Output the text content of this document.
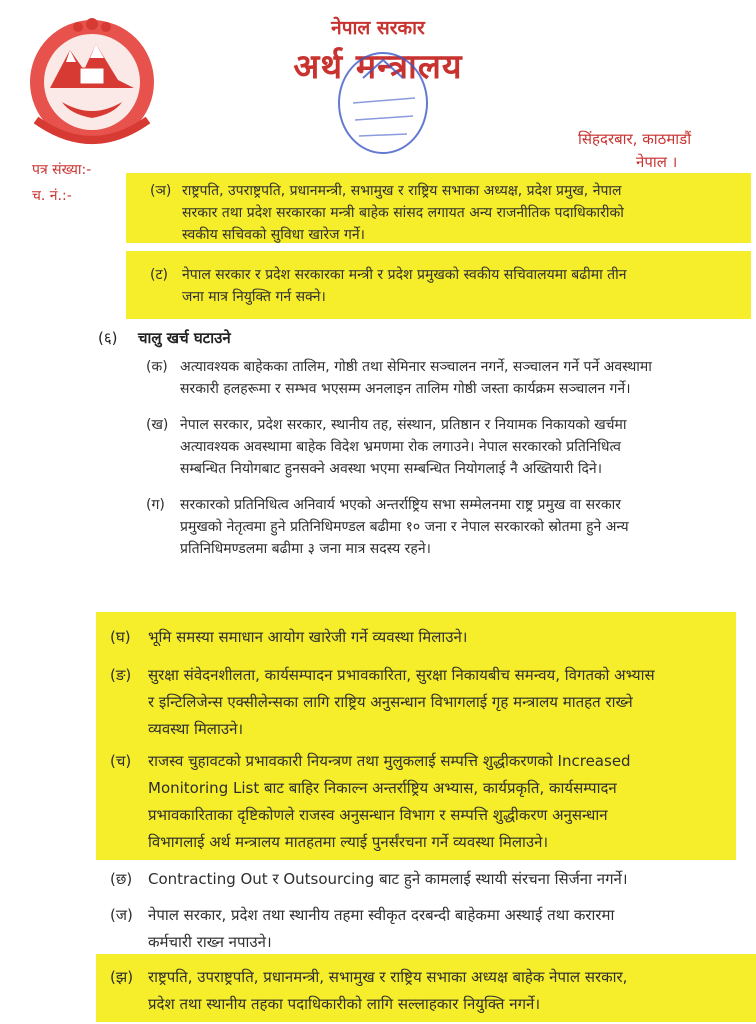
नेपाल सरकार
अर्थ मन्त्रालय
सिंहदरबार, काठमाडौं
नेपाल ।
पत्र संख्या:-
च. नं.:-	(ञ) राष्ट्रपति, उपराष्ट्रपति, प्रधानमन्त्री, सभामुख र राष्ट्रिय सभाका अध्यक्ष, प्रदेश प्रमुख, नेपाल
सरकार तथा प्रदेश सरकारका मन्त्री बाहेक सांसद लगायत अन्य राजनीतिक पदाधिकारीको
स्वकीय सचिवको सुविधा खारेज गर्ने।
(ट) नेपाल सरकार र प्रदेश सरकारका मन्त्री र प्रदेश प्रमुखको स्वकीय सचिवालयमा बढीमा तीन
जना मात्र नियुक्ति गर्न सक्ने।
(६) चालु खर्च घटाउने
(क) अत्यावश्यक बाहेकका तालिम, गोष्ठी तथा सेमिनार सञ्चालन नगर्ने, सञ्चालन गर्ने पर्ने अवस्थामा
सरकारी हलहरूमा र सम्भव भएसम्म अनलाइन तालिम गोष्ठी जस्ता कार्यक्रम सञ्चालन गर्ने।
(ख) नेपाल सरकार, प्रदेश सरकार, स्थानीय तह, संस्थान, प्रतिष्ठान र नियामक निकायको खर्चमा
अत्यावश्यक अवस्थामा बाहेक विदेश भ्रमणमा रोक लगाउने। नेपाल सरकारको प्रतिनिधित्व
सम्बन्धित नियोगबाट हुनसक्ने अवस्था भएमा सम्बन्धित नियोगलाई नै अख्तियारी दिने।
(ग) सरकारको प्रतिनिधित्व अनिवार्य भएको अन्तर्राष्ट्रिय सभा सम्मेलनमा राष्ट्र प्रमुख वा सरकार
प्रमुखको नेतृत्वमा हुने प्रतिनिधिमण्डल बढीमा १० जना र नेपाल सरकारको स्रोतमा हुने अन्य
प्रतिनिधिमण्डलमा बढीमा ३ जना मात्र सदस्य रहने।
(घ) भूमि समस्या समाधान आयोग खारेजी गर्ने व्यवस्था मिलाउने।
(ङ) सुरक्षा संवेदनशीलता, कार्यसम्पादन प्रभावकारिता, सुरक्षा निकायबीच समन्वय, विगतको अभ्यास
र इन्टिलिजेन्स एक्सीलेन्सका लागि राष्ट्रिय अनुसन्धान विभागलाई गृह मन्त्रालय मातहत राख्ने
व्यवस्था मिलाउने।
(च) राजस्व चुहावटको प्रभावकारी नियन्त्रण तथा मुलुकलाई सम्पत्ति शुद्धीकरणको Increased
Monitoring List बाट बाहिर निकाल्न अन्तर्राष्ट्रिय अभ्यास, कार्यप्रकृति, कार्यसम्पादन
प्रभावकारिताका दृष्टिकोणले राजस्व अनुसन्धान विभाग र सम्पत्ति शुद्धीकरण अनुसन्धान
विभागलाई अर्थ मन्त्रालय मातहतमा ल्याई पुनर्संरचना गर्ने व्यवस्था मिलाउने।
(छ) Contracting Out र Outsourcing बाट हुने कामलाई स्थायी संरचना सिर्जना नगर्ने।
(ज) नेपाल सरकार, प्रदेश तथा स्थानीय तहमा स्वीकृत दरबन्दी बाहेकमा अस्थाई तथा करारमा
कर्मचारी राख्न नपाउने।
(झ) राष्ट्रपति, उपराष्ट्रपति, प्रधानमन्त्री, सभामुख र राष्ट्रिय सभाका अध्यक्ष बाहेक नेपाल सरकार,
प्रदेश तथा स्थानीय तहका पदाधिकारीको लागि सल्लाहकार नियुक्ति नगर्ने।
